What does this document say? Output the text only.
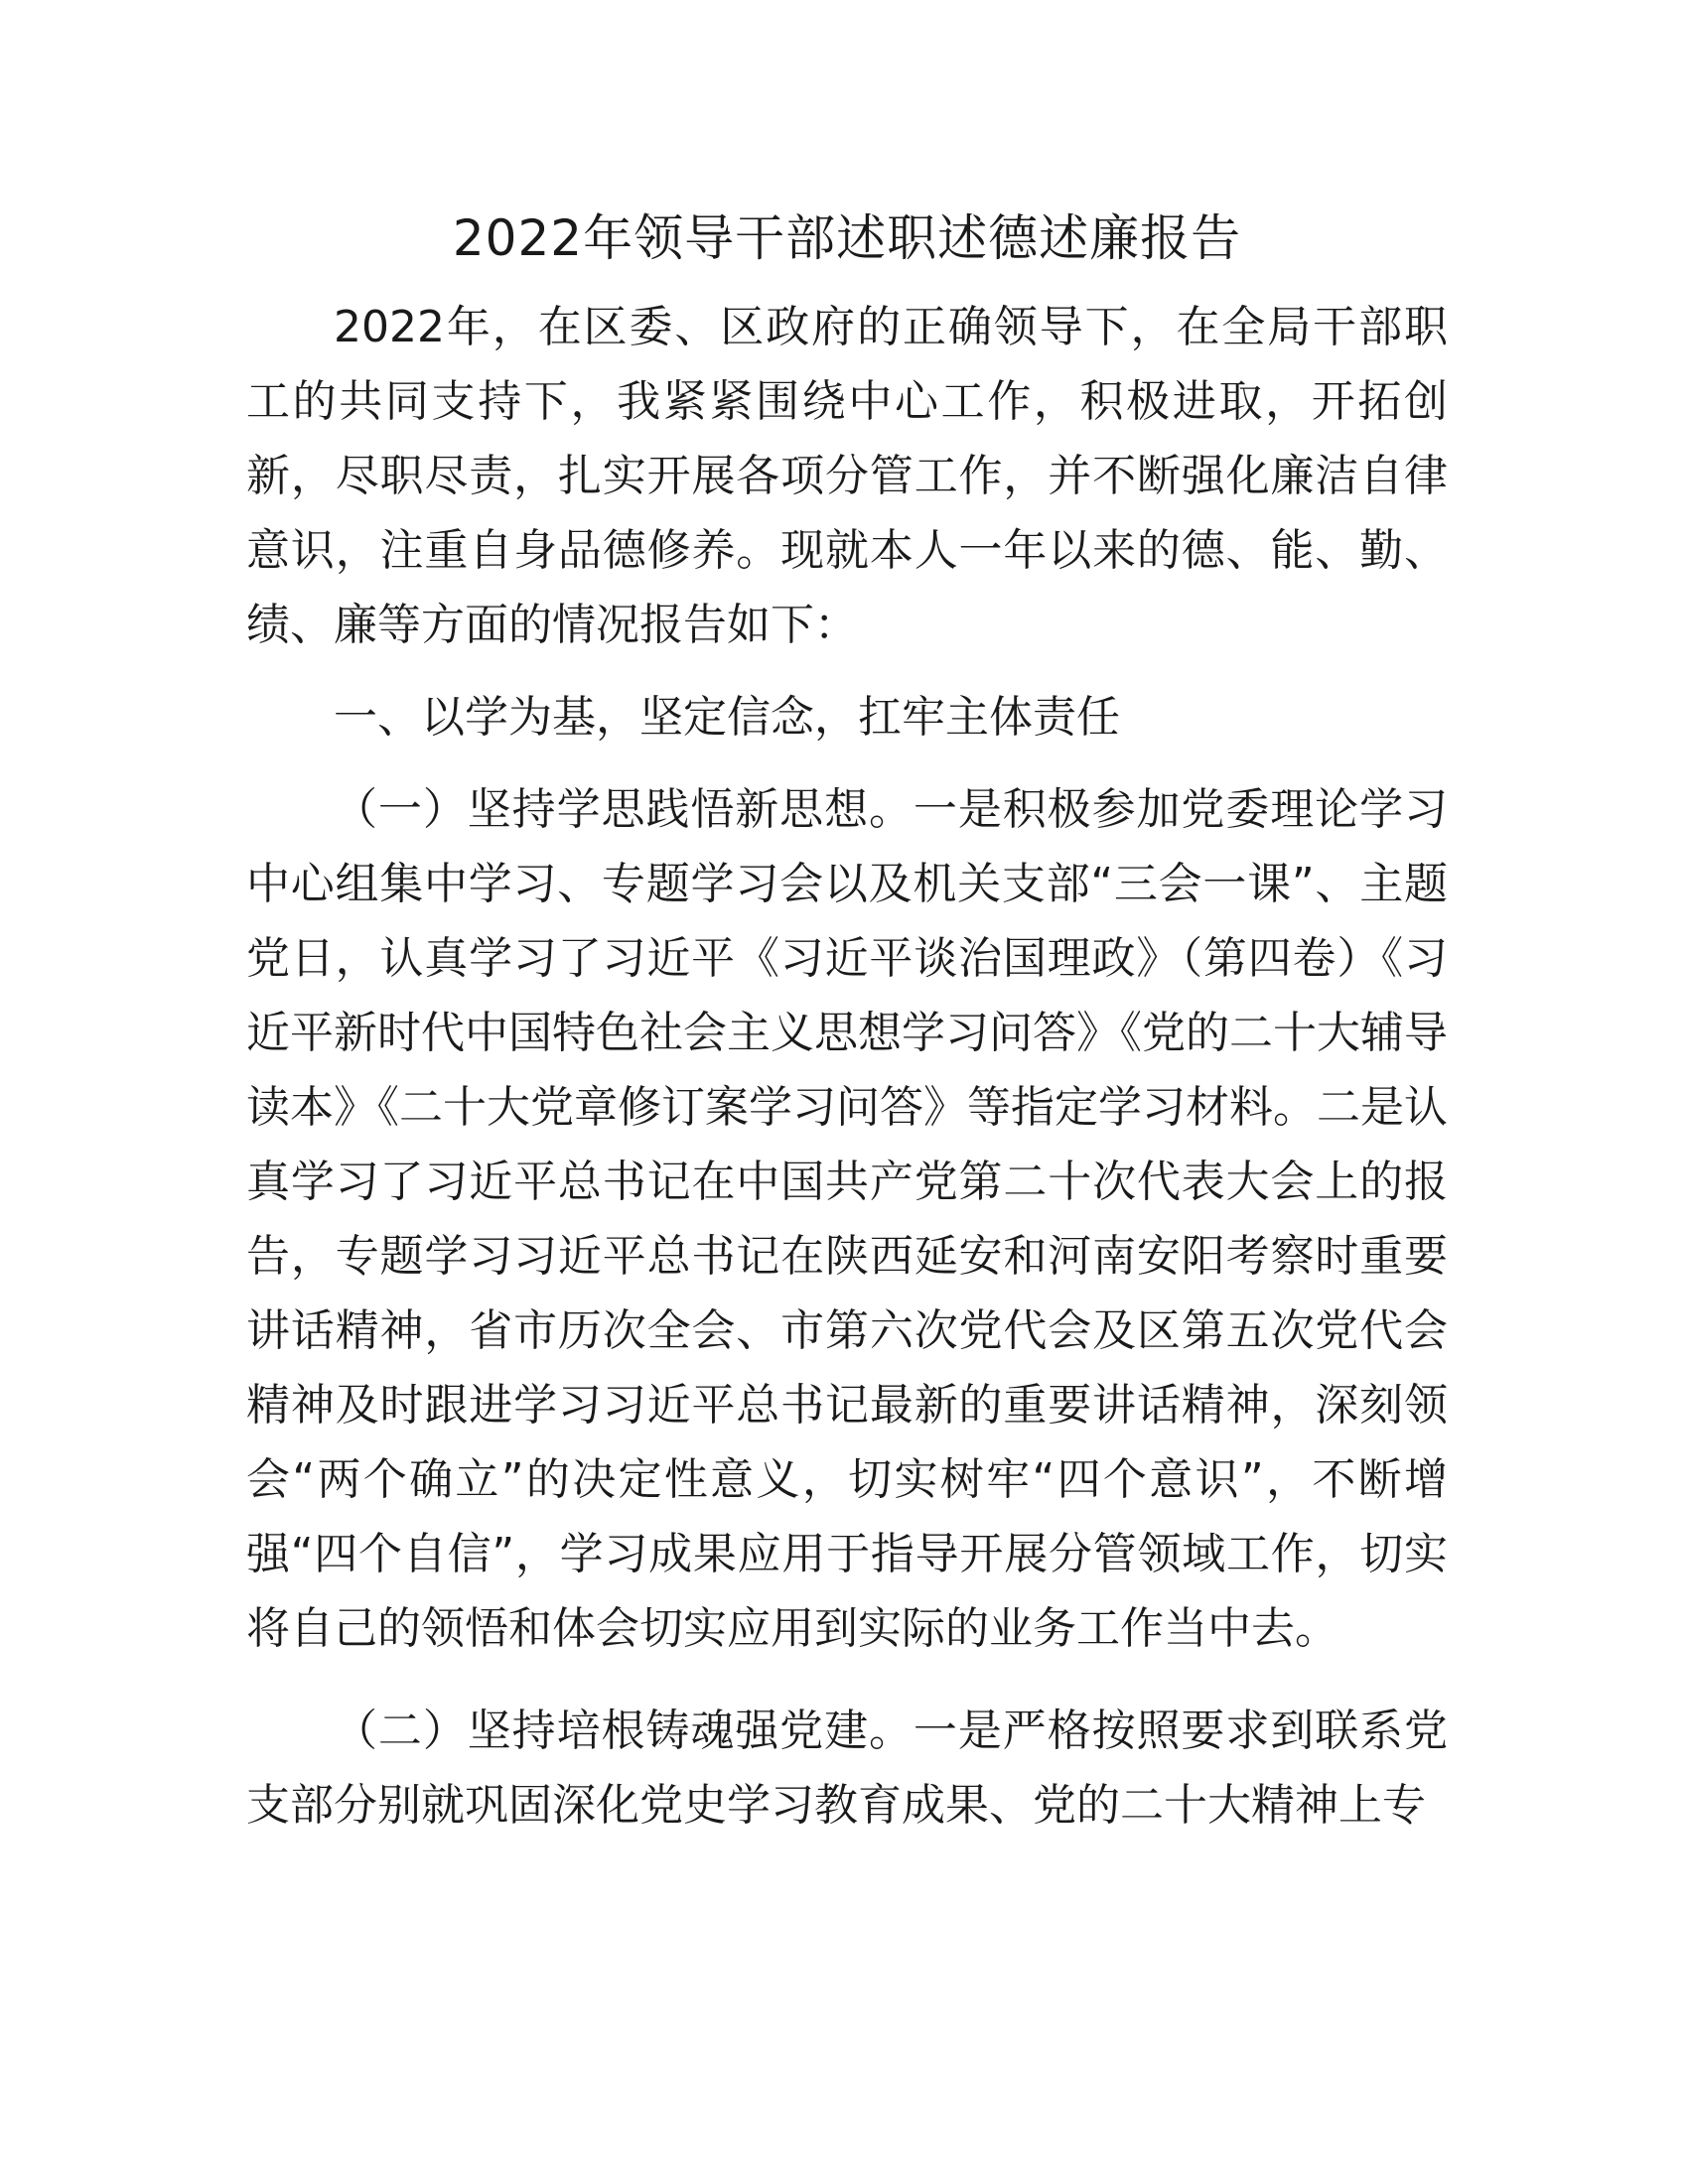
2022年领导干部述职述德述廉报告

2022年，在区委、区政府的正确领导下，在全局干部职工的共同支持下，我紧紧围绕中心工作，积极进取，开拓创新，尽职尽责，扎实开展各项分管工作，并不断强化廉洁自律意识，注重自身品德修养。现就本人一年以来的德、能、勤、绩、廉等方面的情况报告如下：

一、以学为基，坚定信念，扛牢主体责任

（一）坚持学思践悟新思想。一是积极参加党委理论学习中心组集中学习、专题学习会以及机关支部“三会一课”、主题党日，认真学习了习近平《习近平谈治国理政》（第四卷）《习近平新时代中国特色社会主义思想学习问答》《党的二十大辅导读本》《二十大党章修订案学习问答》等指定学习材料。二是认真学习了习近平总书记在中国共产党第二十次代表大会上的报告，专题学习习近平总书记在陕西延安和河南安阳考察时重要讲话精神，省市历次全会、市第六次党代会及区第五次党代会精神及时跟进学习习近平总书记最新的重要讲话精神，深刻领会“两个确立”的决定性意义，切实树牢“四个意识”，不断增强“四个自信”，学习成果应用于指导开展分管领域工作，切实将自己的领悟和体会切实应用到实际的业务工作当中去。

（二）坚持培根铸魂强党建。一是严格按照要求到联系党支部分别就巩固深化党史学习教育成果、党的二十大精神上专
